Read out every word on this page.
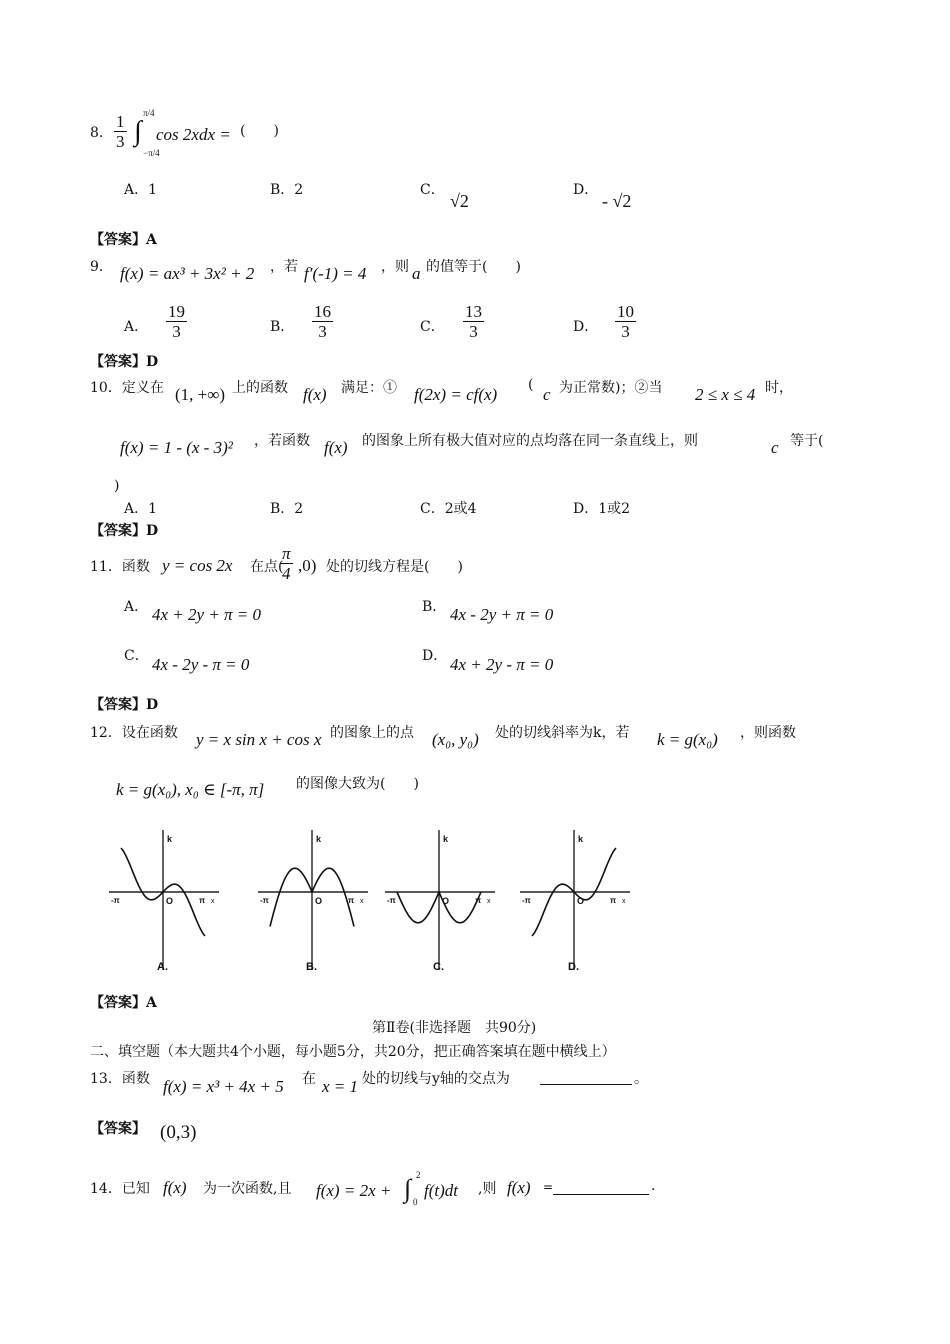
8． $\frac{1}{3}$ ∫
π/4
−π/4
cos 2xdx = (　　)
A．1	B．2	C．
√2
D．
- √2
【答案】A
9． f(x) = ax³ + 3x² + 2 ，若 f′(-1) = 4 ，则 a 的值等于(　　)
A． $\frac{19}{3}$	B． $\frac{16}{3}$	C． $\frac{13}{3}$	D． $\frac{10}{3}$
【答案】D
10．定义在 (1, +∞) 上的函数 f(x) 满足：① f(2x) = cf(x) ( c 为正常数)；②当 2 ≤ x ≤ 4 时，
f(x) = 1 - (x - 3)² ，若函数 f(x) 的图象上所有极大值对应的点均落在同一条直线上，则	c 等于(
)
A．1	B．2	C．2或4	D．1或2
【答案】D
11．函数 y = cos 2x 在点(
$\frac{\pi}{4} ,0$) 处的切线方程是(　　)
A． 4x + 2y + π = 0	B． 4x - 2y + π = 0
C． 4x - 2y - π = 0	D． 4x + 2y - π = 0
【答案】D
12．设在函数 y = x sin x + cos x 的图象上的点 (x₀, y₀) 处的切线斜率为k，若 k = g(x₀) ，则函数
k = g(x₀), x₀ ∈ [-π, π] 的图像大致为(　　)
k
-π	O	π x
A.
k
-π	O	π x
B.
k
-π	O	π x
C.
k
-π	O	π x
D.
【答案】A
第Ⅱ卷(非选择题　共90分)
二、填空题（本大题共4个小题，每小题5分，共20分，把正确答案填在题中横线上）
13．函数 f(x) = x³ + 4x + 5 在 x = 1 处的切线与y轴的交点为	。
【答案】 (0,3)
14．已知 f(x) 为一次函数,且 f(x) = 2x + ∫ 2
0
f(t)dt ,则 f(x) =	.
